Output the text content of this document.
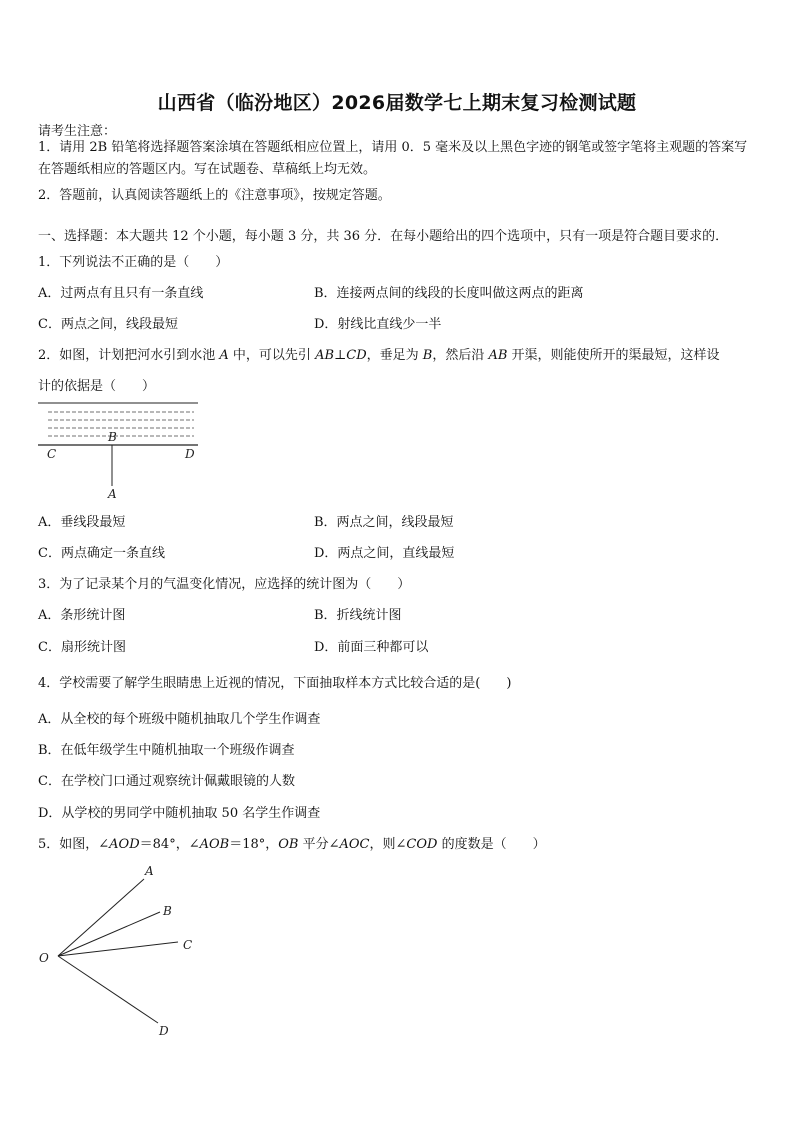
山西省（临汾地区）2026届数学七上期末复习检测试题
请考生注意：
1．请用 2B 铅笔将选择题答案涂填在答题纸相应位置上，请用 0．5 毫米及以上黑色字迹的钢笔或签字笔将主观题的答案写在答题纸相应的答题区内。写在试题卷、草稿纸上均无效。
2．答题前，认真阅读答题纸上的《注意事项》，按规定答题。
一、选择题：本大题共 12 个小题，每小题 3 分，共 36 分．在每小题给出的四个选项中，只有一项是符合题目要求的．
1．下列说法不正确的是（　　）
A．过两点有且只有一条直线	B．连接两点间的线段的长度叫做这两点的距离
C．两点之间，线段最短	D．射线比直线少一半
2．如图，计划把河水引到水池 A 中，可以先引 AB⊥CD，垂足为 B，然后沿 AB 开渠，则能使所开的渠最短，这样设
计的依据是（　　）
B
C	D
A
A．垂线段最短	B．两点之间，线段最短
C．两点确定一条直线	D．两点之间，直线最短
3．为了记录某个月的气温变化情况，应选择的统计图为（　　）
A．条形统计图	B．折线统计图
C．扇形统计图	D．前面三种都可以
4．学校需要了解学生眼睛患上近视的情况，下面抽取样本方式比较合适的是(　　)
A．从全校的每个班级中随机抽取几个学生作调查
B．在低年级学生中随机抽取一个班级作调查
C．在学校门口通过观察统计佩戴眼镜的人数
D．从学校的男同学中随机抽取 50 名学生作调查
5．如图，∠AOD＝84°，∠AOB＝18°，OB 平分∠AOC，则∠COD 的度数是（　　）
O
A
B
C
D
